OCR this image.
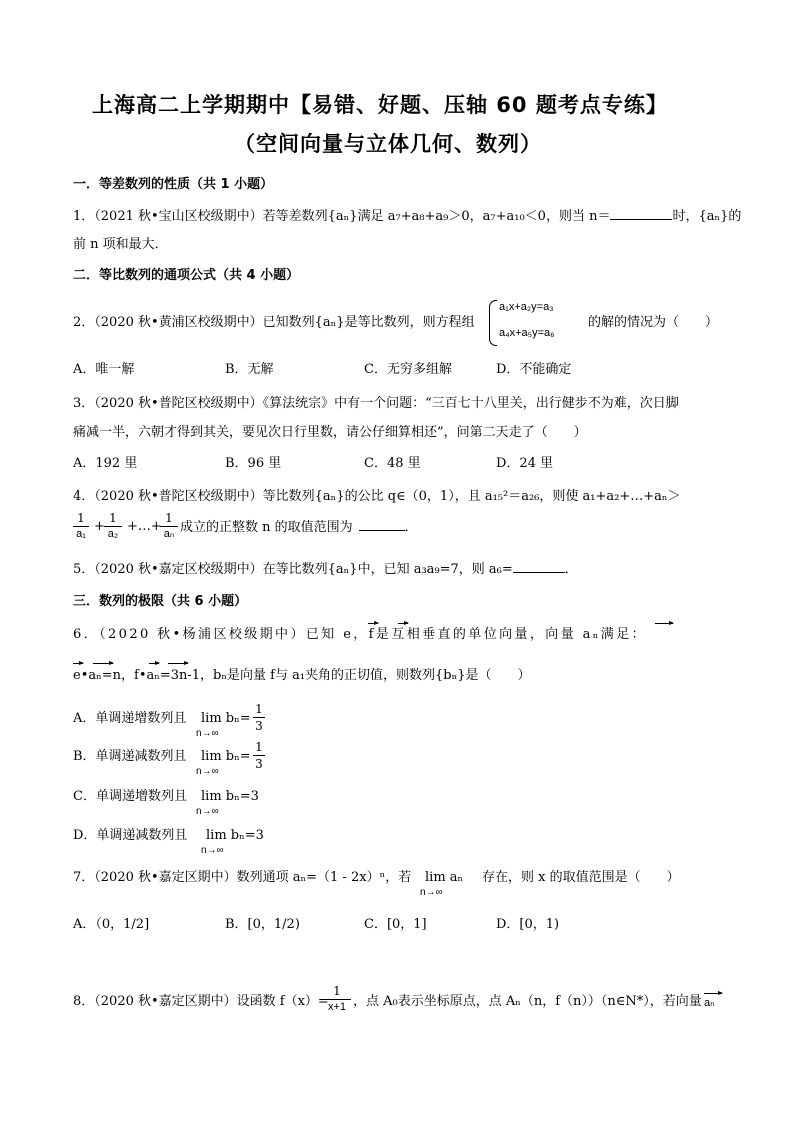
上海高二上学期期中【易错、好题、压轴 60 题考点专练】
（空间向量与立体几何、数列）
一．等差数列的性质（共 1 小题）
1．（2021 秋•宝山区校级期中）若等差数列{aₙ}满足 a₇+a₈+a₉＞0，a₇+a₁₀＜0，则当 n＝	时，{aₙ}的
前 n 项和最大．
二．等比数列的通项公式（共 4 小题）
2．（2020 秋•黄浦区校级期中）已知数列{aₙ}是等比数列，则方程组
a₁x+a₂y=a₃
a₄x+a₅y=a₆
的解的情况为（　　）
A．唯一解	B．无解	C．无穷多组解	D．不能确定
3．（2020 秋•普陀区校级期中）《算法统宗》中有一个问题：“三百七十八里关，出行健步不为难，次日脚
痛减一半，六朝才得到其关，要见次日行里数，请公仔细算相还”，问第二天走了（　　）
A．192 里	B．96 里	C．48 里	D．24 里
4．（2020 秋•普陀区校级期中）等比数列{aₙ}的公比 q∈（0，1），且 a₁₅²＝a₂₆，则使 a₁+a₂+…+aₙ＞
1
a₁ +
1
a₂ +…+
1
aₙ 成立的正整数 n 的取值范围为	．
5．（2020 秋•嘉定区校级期中）在等比数列{aₙ}中，已知 a₃a₉=7，则 a₆=	．
三．数列的极限（共 6 小题）
6．（2020 秋•杨浦区校级期中）已知 e，f是互相垂直的单位向量，向量 aₙ满足：
e•aₙ=n，f•aₙ=3n-1，bₙ是向量 f与 a₁夹角的正切值，则数列{bₙ}是（　　）
A．单调递增数列且 lim bₙ=
n→∞
1
3
B．单调递减数列且 lim bₙ=
n→∞
1
3
C．单调递增数列且 lim bₙ=3
n→∞
D．单调递减数列且 lim bₙ=3
n→∞
7．（2020 秋•嘉定区期中）数列通项 aₙ=（1 - 2x）ⁿ，若 lim aₙ
n→∞
存在，则 x 的取值范围是（　　）
A．（0，1/2]	B．[0，1/2)	C．[0，1]	D．[0，1)
8．（2020 秋•嘉定区期中）设函数 f（x）=
1
x+1 ，点 A₀表示坐标原点，点 Aₙ（n，f（n））（n∈N*），若向量 aₙ
